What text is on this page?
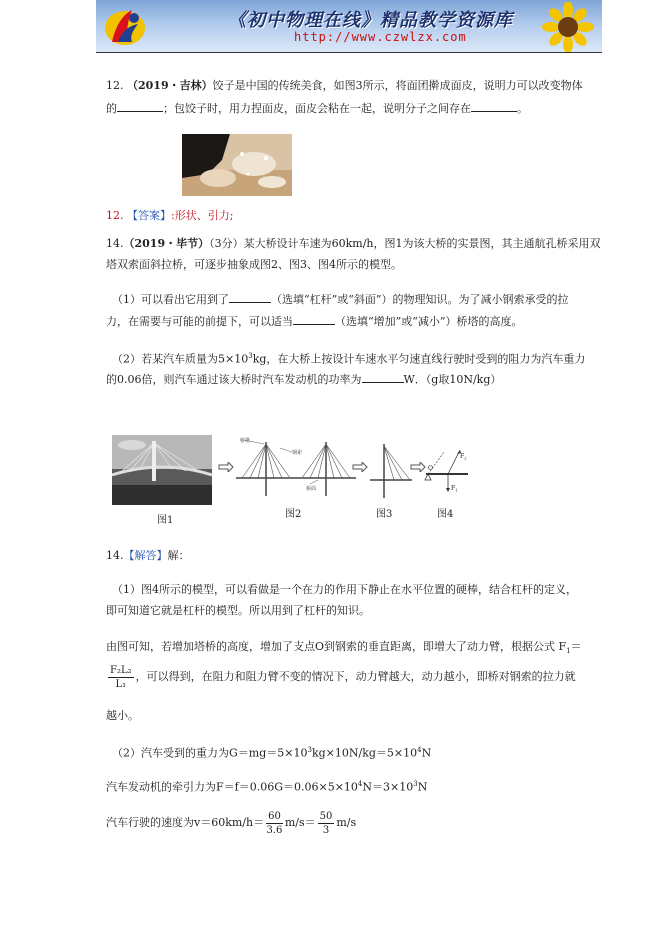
《初中物理在线》精品教学资源库
http://www.czwlzx.com
12. （2019・吉林）饺子是中国的传统美食，如图3所示，将面团擀成面皮，说明力可以改变物体
的	；包饺子时，用力捏面皮，面皮会粘在一起，说明分子之间存在	。
12. 【答案】:形状、引力;
14.（2019・毕节）（3分）某大桥设计车速为60km/h，图1为该大桥的实景图，其主通航孔桥采用双
塔双索面斜拉桥，可逐步抽象成图2、图3、图4所示的模型。
（1）可以看出它用到了	（选填“杠杆”或“斜面”）的物理知识。为了减小钢索承受的拉
力，在需要与可能的前提下，可以适当	（选填“增加”或“减小”）桥塔的高度。
（2）若某汽车质量为$5\times 10^3kg$，在大桥上按设计车速水平匀速直线行驶时受到的阻力为汽车重力
的0.06倍，则汽车通过该大桥时汽车发动机的功率为	W．（g取10N/kg）
图1
桥塔
钢索
桥面
图2	图3
O
$F_2$
$F_1$
图4
14.【解答】解：
（1）图4所示的模型，可以看做是一个在力的作用下静止在水平位置的硬棒，结合杠杆的定义，
即可知道它就是杠杆的模型。所以用到了杠杆的知识。
由图可知，若增加塔桥的高度，增加了支点O到钢索的垂直距离，即增大了动力臂，根据公式 $F_1=$
$\frac{\text{F₂L₂}}{\text{L₁}}$ ，可以得到，在阻力和阻力臂不变的情况下，动力臂越大，动力越小，即桥对钢索的拉力就
越小。
（2）汽车受到的重力为$G=mg=5\times 10^3kg\times 10N/kg=5\times 10^4N$
汽车发动机的牵引力为$F=f=0.06G=0.06\times 5\times 10^4N=3\times 10^3N$
汽车行驶的速度为$v=60km/h= \frac{60}{3.6} m/s= \frac{50}{3} m/s$
